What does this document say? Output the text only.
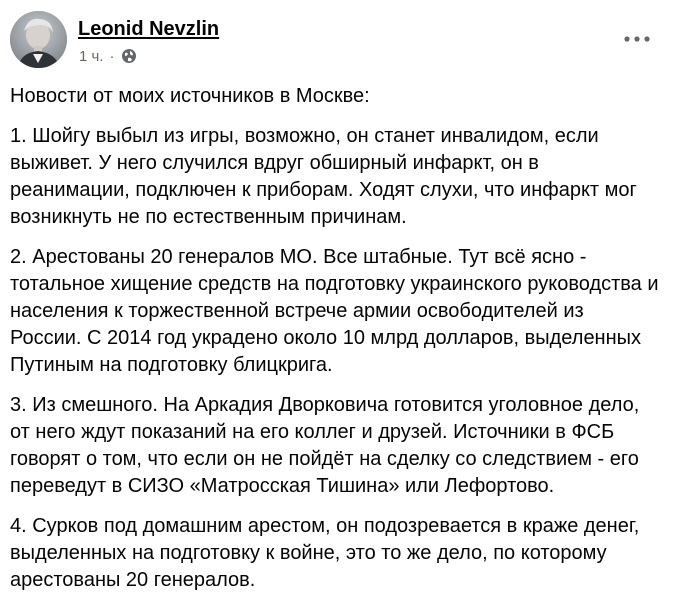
Leonid Nevzlin
1 ч. ·

Новости от моих источников в Москве:

1. Шойгу выбыл из игры, возможно, он станет инвалидом, если выживет. У него случился вдруг обширный инфаркт, он в реанимации, подключен к приборам. Ходят слухи, что инфаркт мог возникнуть не по естественным причинам.

2. Арестованы 20 генералов МО. Все штабные. Тут всё ясно - тотальное хищение средств на подготовку украинского руководства и населения к торжественной встрече армии освободителей из России. С 2014 год украдено около 10 млрд долларов, выделенных Путиным на подготовку блицкрига.

3. Из смешного. На Аркадия Дворковича готовится уголовное дело, от него ждут показаний на его коллег и друзей. Источники в ФСБ говорят о том, что если он не пойдёт на сделку со следствием - его переведут в СИЗО «Матросская Тишина» или Лефортово.

4. Сурков под домашним арестом, он подозревается в краже денег, выделенных на подготовку к войне, это то же дело, по которому арестованы 20 генералов.
